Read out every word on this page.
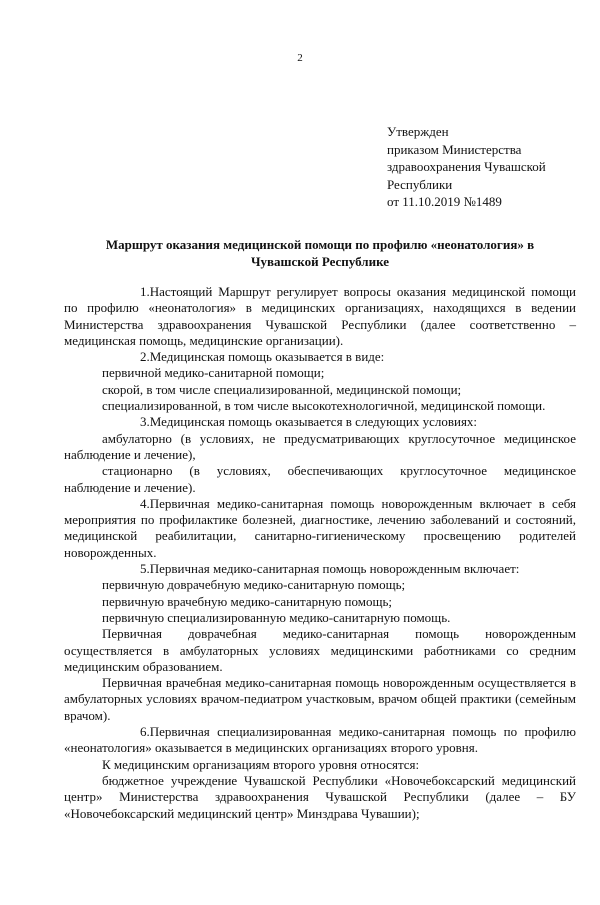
2
Утвержден
приказом Министерства
здравоохранения Чувашской
Республики
от 11.10.2019 №1489
Маршрут оказания медицинской помощи по профилю «неонатология» в
Чувашской Республике

1.Настоящий Маршрут регулирует вопросы оказания медицинской помощи по профилю «неонатология» в медицинских организациях, находящихся в ведении Министерства здравоохранения Чувашской Республики (далее соответственно – медицинская помощь, медицинские организации).

2.Медицинская помощь оказывается в виде:

первичной медико-санитарной помощи;

скорой, в том числе специализированной, медицинской помощи;

специализированной, в том числе высокотехнологичной, медицинской помощи.

3.Медицинская помощь оказывается в следующих условиях:

амбулаторно (в условиях, не предусматривающих круглосуточное медицинское наблюдение и лечение),

стационарно (в условиях, обеспечивающих круглосуточное медицинское наблюдение и лечение).

4.Первичная медико-санитарная помощь новорожденным включает в себя мероприятия по профилактике болезней, диагностике, лечению заболеваний и состояний, медицинской реабилитации, санитарно-гигиеническому просвещению родителей новорожденных.

5.Первичная медико-санитарная помощь новорожденным включает:

первичную доврачебную медико-санитарную помощь;

первичную врачебную медико-санитарную помощь;

первичную специализированную медико-санитарную помощь.

Первичная доврачебная медико-санитарная помощь новорожденным осуществляется в амбулаторных условиях медицинскими работниками со средним медицинским образованием.

Первичная врачебная медико-санитарная помощь новорожденным осуществляется в амбулаторных условиях врачом-педиатром участковым, врачом общей практики (семейным врачом).

6.Первичная специализированная медико-санитарная помощь по профилю «неонатология» оказывается в медицинских организациях второго уровня.

К медицинским организациям второго уровня относятся:

бюджетное учреждение Чувашской Республики «Новочебоксарский медицинский центр» Министерства здравоохранения Чувашской Республики (далее – БУ «Новочебоксарский медицинский центр» Минздрава Чувашии);
